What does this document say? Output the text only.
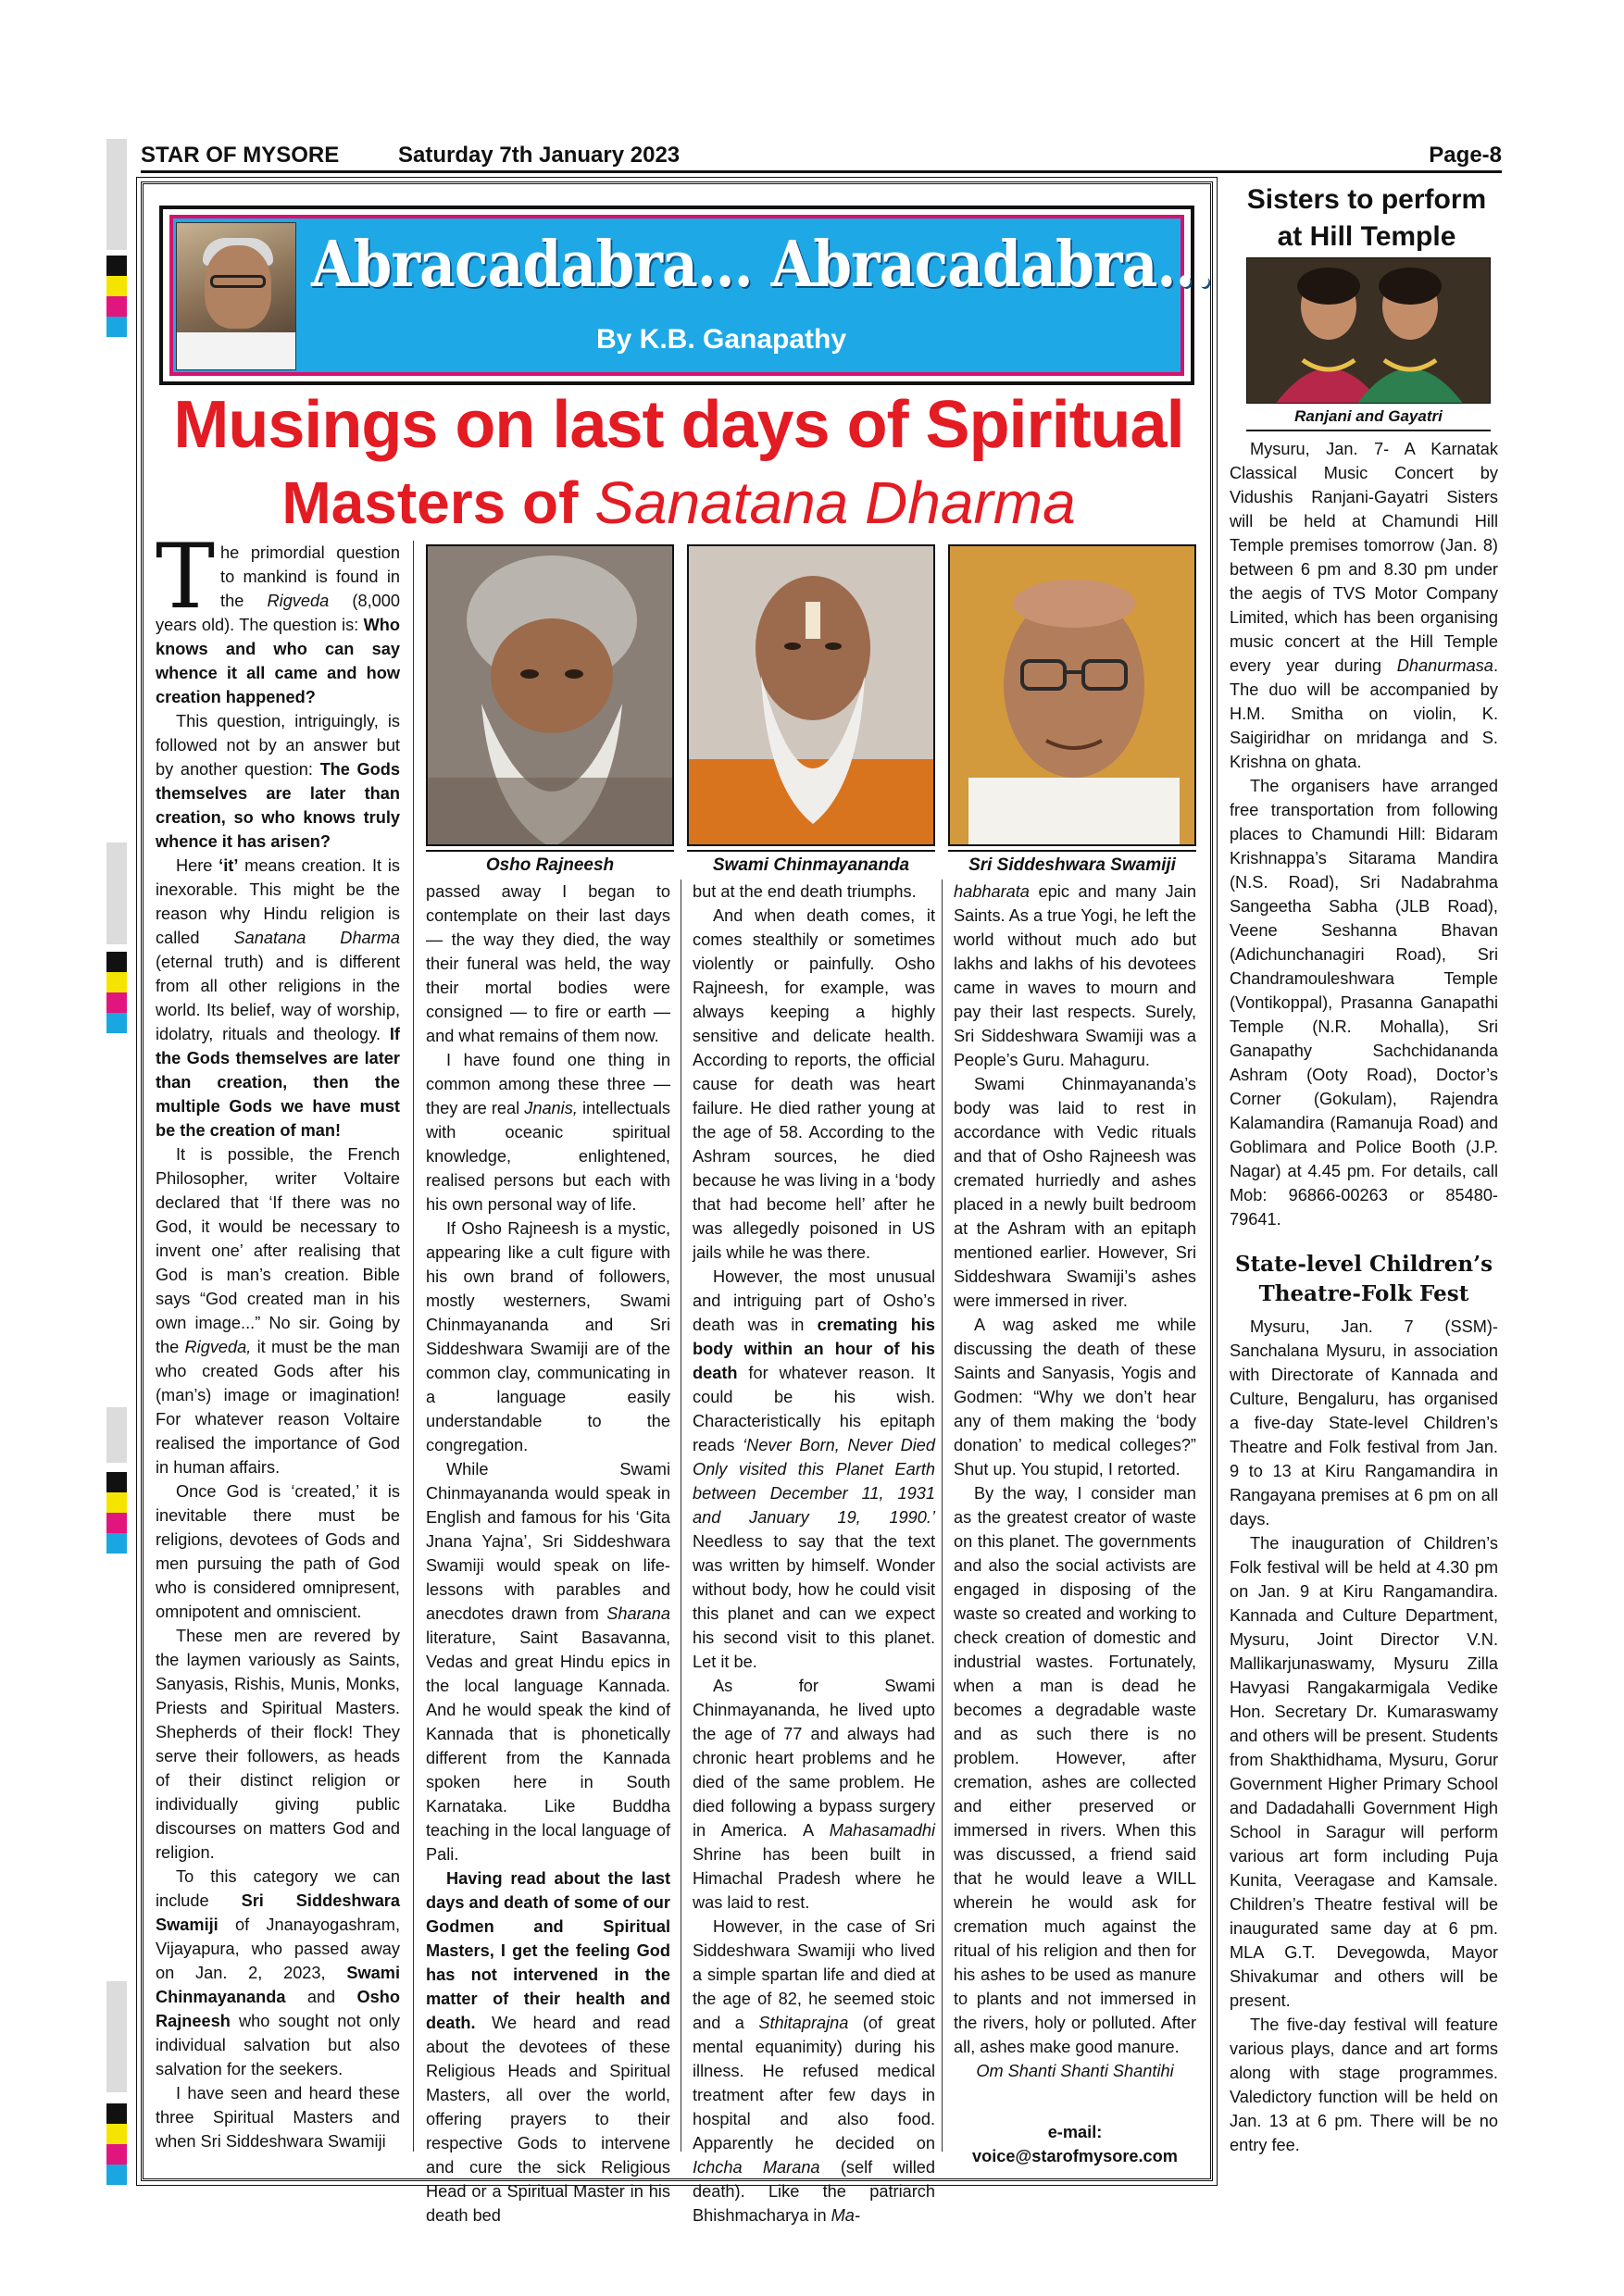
STAR OF MYSORE	Saturday 7th January 2023	Page-8
Abracadabra... Abracadabra...
By K.B. Ganapathy
Musings on last days of Spiritual
Masters of Sanatana Dharma
Osho Rajneesh	Swami Chinmayananda	Sri Siddeshwara Swamiji

The primordial question to mankind is found in the Rigveda (8,000 years old). The question is: Who knows and who can say whence it all came and how creation happened?

This question, intriguingly, is followed not by an answer but by another question: The Gods themselves are later than creation, so who knows truly whence it has arisen?

Here ‘it’ means creation. It is inexorable. This might be the reason why Hindu religion is called Sanatana Dharma (eternal truth) and is different from all other religions in the world. Its belief, way of worship, idolatry, rituals and theology. If the Gods themselves are later than creation, then the multiple Gods we have must be the creation of man!

It is possible, the French Philosopher, writer Voltaire declared that ‘If there was no God, it would be necessary to invent one’ after realising that God is man’s creation. Bible says “God created man in his own image...” No sir. Going by the Rigveda, it must be the man who created Gods after his (man’s) image or imagination! For whatever reason Voltaire realised the importance of God in human affairs.

Once God is ‘created,’ it is inevitable there must be religions, devotees of Gods and men pursuing the path of God who is considered omnipresent, omnipotent and omniscient.

These men are revered by the laymen variously as Saints, Sanyasis, Rishis, Munis, Monks, Priests and Spiritual Masters. Shepherds of their flock! They serve their followers, as heads of their distinct religion or individually giving public discourses on matters God and religion.

To this category we can include Sri Siddeshwara Swamiji of Jnanayogashram, Vijayapura, who passed away on Jan. 2, 2023, Swami Chinmayananda and Osho Rajneesh who sought not only individual salvation but also salvation for the seekers.

I have seen and heard these three Spiritual Masters and when Sri Siddeshwara Swamiji

passed away I began to contemplate on their last days — the way they died, the way their funeral was held, the way their mortal bodies were consigned — to fire or earth — and what remains of them now.

I have found one thing in common among these three — they are real Jnanis, intellectuals with oceanic spiritual knowledge, enlightened, realised persons but each with his own personal way of life.

If Osho Rajneesh is a mystic, appearing like a cult figure with his own brand of followers, mostly westerners, Swami Chinmayananda and Sri Siddeshwara Swamiji are of the common clay, communicating in a language easily understandable to the congregation.

While Swami Chinmayananda would speak in English and famous for his ‘Gita Jnana Yajna’, Sri Siddeshwara Swamiji would speak on life-lessons with parables and anecdotes drawn from Sharana literature, Saint Basavanna, Vedas and great Hindu epics in the local language Kannada. And he would speak the kind of Kannada that is phonetically different from the Kannada spoken here in South Karnataka. Like Buddha teaching in the local language of Pali.

Having read about the last days and death of some of our Godmen and Spiritual Masters, I get the feeling God has not intervened in the matter of their health and death. We heard and read about the devotees of these Religious Heads and Spiritual Masters, all over the world, offering prayers to their respective Gods to intervene and cure the sick Religious Head or a Spiritual Master in his death bed

but at the end death triumphs.

And when death comes, it comes stealthily or sometimes violently or painfully. Osho Rajneesh, for example, was always keeping a highly sensitive and delicate health. According to reports, the official cause for death was heart failure. He died rather young at the age of 58. According to the Ashram sources, he died because he was living in a ‘body that had become hell’ after he was allegedly poisoned in US jails while he was there.

However, the most unusual and intriguing part of Osho’s death was in cremating his body within an hour of his death for whatever reason. It could be his wish. Characteristically his epitaph reads ‘Never Born, Never Died Only visited this Planet Earth between December 11, 1931 and January 19, 1990.’ Needless to say that the text was written by himself. Wonder without body, how he could visit this planet and can we expect his second visit to this planet. Let it be.

As for Swami Chinmayananda, he lived upto the age of 77 and always had chronic heart problems and he died of the same problem. He died following a bypass surgery in America. A Mahasamadhi Shrine has been built in Himachal Pradesh where he was laid to rest.

However, in the case of Sri Siddeshwara Swamiji who lived a simple spartan life and died at the age of 82, he seemed stoic and a Sthitaprajna (of great mental equanimity) during his illness. He refused medical treatment after few days in hospital and also food. Apparently he decided on Ichcha Marana (self willed death). Like the patriarch Bhishmacharya in Ma-

habharata epic and many Jain Saints. As a true Yogi, he left the world without much ado but lakhs and lakhs of his devotees came in waves to mourn and pay their last respects. Surely, Sri Siddeshwara Swamiji was a People’s Guru. Mahaguru.

Swami Chinmayananda’s body was laid to rest in accordance with Vedic rituals and that of Osho Rajneesh was cremated hurriedly and ashes placed in a newly built bedroom at the Ashram with an epitaph mentioned earlier. However, Sri Siddeshwara Swamiji’s ashes were immersed in river.

A wag asked me while discussing the death of these Saints and Sanyasis, Yogis and Godmen: “Why we don’t hear any of them making the ‘body donation’ to medical colleges?” Shut up. You stupid, I retorted.

By the way, I consider man as the greatest creator of waste on this planet. The governments and also the social activists are engaged in disposing of the waste so created and working to check creation of domestic and industrial wastes. Fortunately, when a man is dead he becomes a degradable waste and as such there is no problem. However, after cremation, ashes are collected and either preserved or immersed in rivers. When this was discussed, a friend said that he would leave a WILL wherein he would ask for cremation much against the ritual of his religion and then for his ashes to be used as manure to plants and not immersed in the rivers, holy or polluted. After all, ashes make good manure.

Om Shanti Shanti Shantihi

e-mail:

voice@starofmysore.com

Sisters to perform
at Hill Temple
Ranjani and Gayatri

Mysuru, Jan. 7- A Karnatak Classical Music Concert by Vidushis Ranjani-Gayatri Sisters will be held at Chamundi Hill Temple premises tomorrow (Jan. 8) between 6 pm and 8.30 pm under the aegis of TVS Motor Company Limited, which has been organising music concert at the Hill Temple every year during Dhanurmasa. The duo will be accompanied by H.M. Smitha on violin, K. Saigiridhar on mridanga and S. Krishna on ghata.

The organisers have arranged free transportation from following places to Chamundi Hill: Bidaram Krishnappa’s Sitarama Mandira (N.S. Road), Sri Nadabrahma Sangeetha Sabha (JLB Road), Veene Seshanna Bhavan (Adichunchanagiri Road), Sri Chandramouleshwara Temple (Vontikoppal), Prasanna Ganapathi Temple (N.R. Mohalla), Sri Ganapathy Sachchidananda Ashram (Ooty Road), Doctor’s Corner (Gokulam), Rajendra Kalamandira (Ramanuja Road) and Goblimara and Police Booth (J.P. Nagar) at 4.45 pm. For details, call Mob: 96866-00263 or 85480-79641.

State-level Children’s
Theatre-Folk Fest

Mysuru, Jan. 7 (SSM)- Sanchalana Mysuru, in association with Directorate of Kannada and Culture, Bengaluru, has organised a five-day State-level Children’s Theatre and Folk festival from Jan. 9 to 13 at Kiru Rangamandira in Rangayana premises at 6 pm on all days.

The inauguration of Children’s Folk festival will be held at 4.30 pm on Jan. 9 at Kiru Rangamandira. Kannada and Culture Department, Mysuru, Joint Director V.N. Mallikarjunaswamy, Mysuru Zilla Havyasi Rangakarmigala Vedike Hon. Secretary Dr. Kumaraswamy and others will be present. Students from Shakthidhama, Mysuru, Gorur Government Higher Primary School and Dadadahalli Government High School in Saragur will perform various art form including Puja Kunita, Veeragase and Kamsale. Children’s Theatre festival will be inaugurated same day at 6 pm. MLA G.T. Devegowda, Mayor Shivakumar and others will be present.

The five-day festival will feature various plays, dance and art forms along with stage programmes. Valedictory function will be held on Jan. 13 at 6 pm. There will be no entry fee.
